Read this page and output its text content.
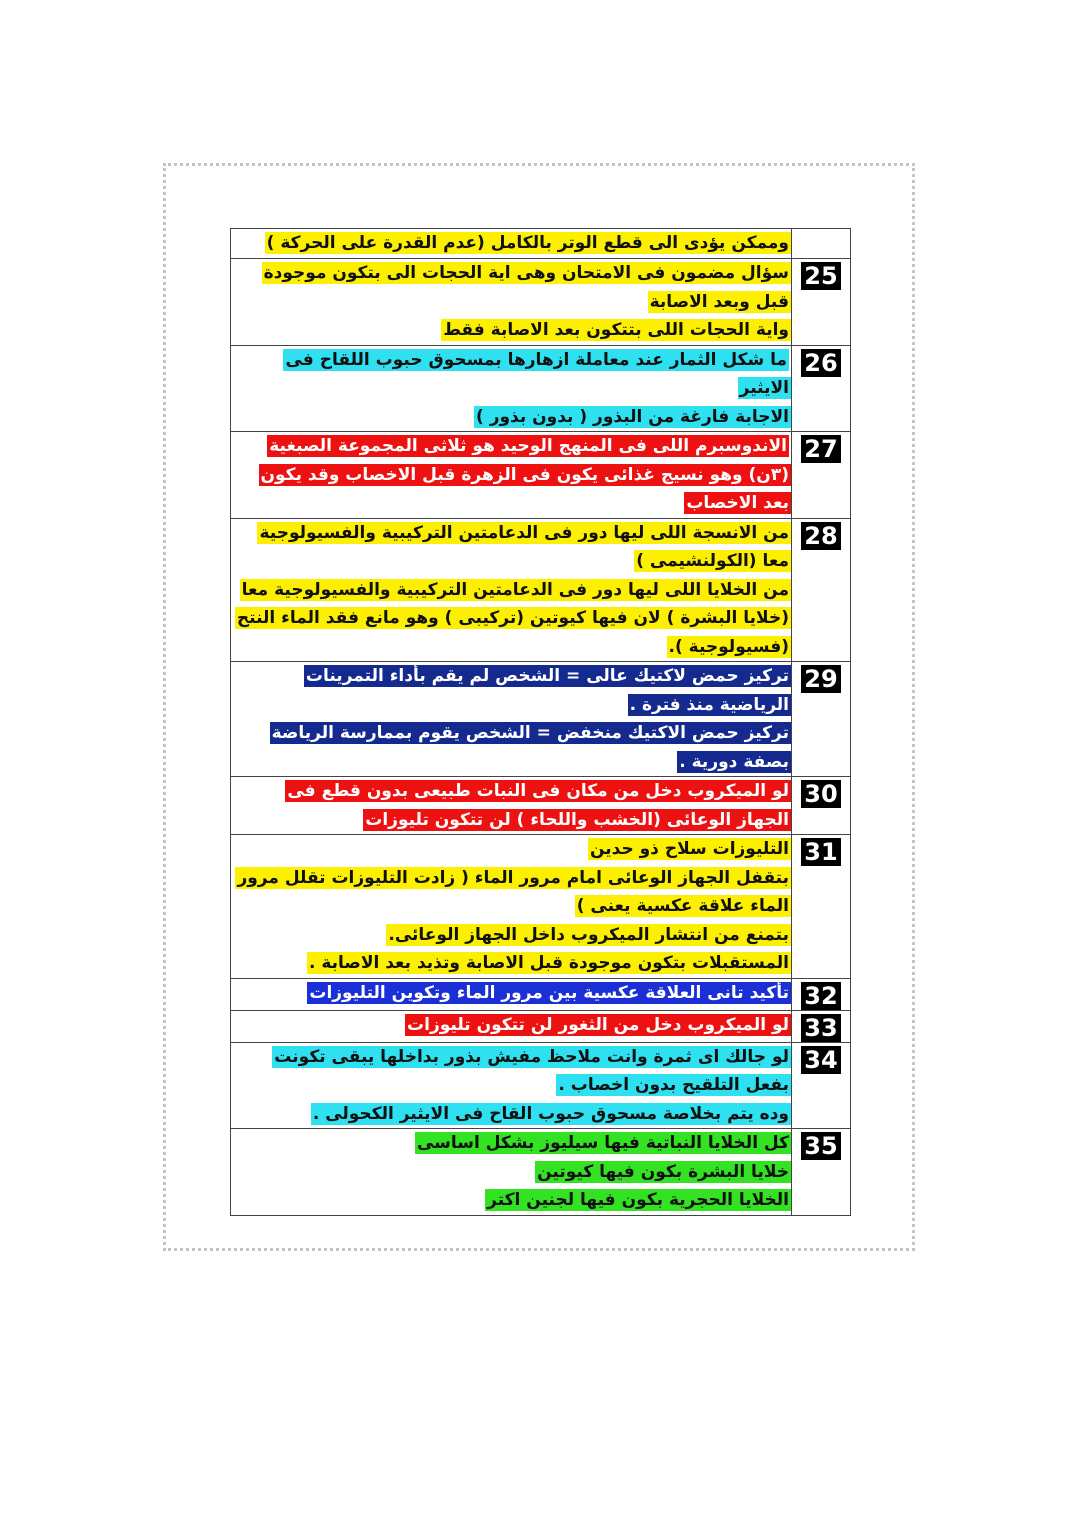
	وممكن يؤدى الى قطع الوتر بالكامل (عدم القدرة على الحركة )

25	سؤال مضمون فى الامتحان وهى اية الحجات الى بتكون موجودة قبل وبعد الاصابة

واية الحجات اللى بتتكون بعد الاصابة فقط

26	ما شكل الثمار عند معاملة ازهارها بمسحوق حبوب اللقاح فى الايثير

الاجابة فارغة من البذور ( بدون بذور )

27	الاندوسبرم اللى فى المنهج الوحيد هو ثلاثى المجموعة الصبغية (٣ن) وهو نسيج غذائى يكون فى الزهرة قبل الاخصاب وقد يكون بعد الاخصاب

28	من الانسجة اللى ليها دور فى الدعامتين التركيبية والفسيولوجية معا (الكولنشيمى )

من الخلايا اللى ليها دور فى الدعامتين التركيبية والفسيولوجية معا (خلايا البشرة ) لان فيها كيوتين (تركيبى ) وهو مانع فقد الماء النتح (فسيولوجية ).

29	تركيز حمض لاكتيك عالى = الشخص لم يقم بأداء التمرينات الرياضية منذ فترة .

تركيز حمض الاكتيك منخفض = الشخص يقوم بممارسة الرياضة بصفة دورية .

30	لو الميكروب دخل من مكان فى النبات طبيعى بدون قطع فى الجهاز الوعائى (الخشب واللحاء ) لن تتكون تليوزات

31	التليوزات سلاح ذو حدين

بتقفل الجهاز الوعائى امام مرور الماء ( زادت التليوزات تقلل مرور الماء علاقة عكسية يعنى )

بتمنع من انتشار الميكروب داخل الجهاز الوعائى.

المستقبلات بتكون موجودة قبل الاصابة وتذيد بعد الاصابة .

32	تأكيد تانى العلاقة عكسية بين مرور الماء وتكوين التليوزات

33	لو الميكروب دخل من الثغور لن تتكون تليوزات

34	لو جالك اى ثمرة وانت ملاحظ مفيش بذور بداخلها يبقى تكونت بفعل التلقيح بدون اخصاب .

وده يتم بخلاصة مسحوق حبوب القاح فى الايثير الكحولى .

35	كل الخلايا النباتية فيها سيليوز بشكل اساسى

خلايا البشرة بكون فيها كيوتين

الخلايا الحجرية بكون فيها لجنين اكتر
